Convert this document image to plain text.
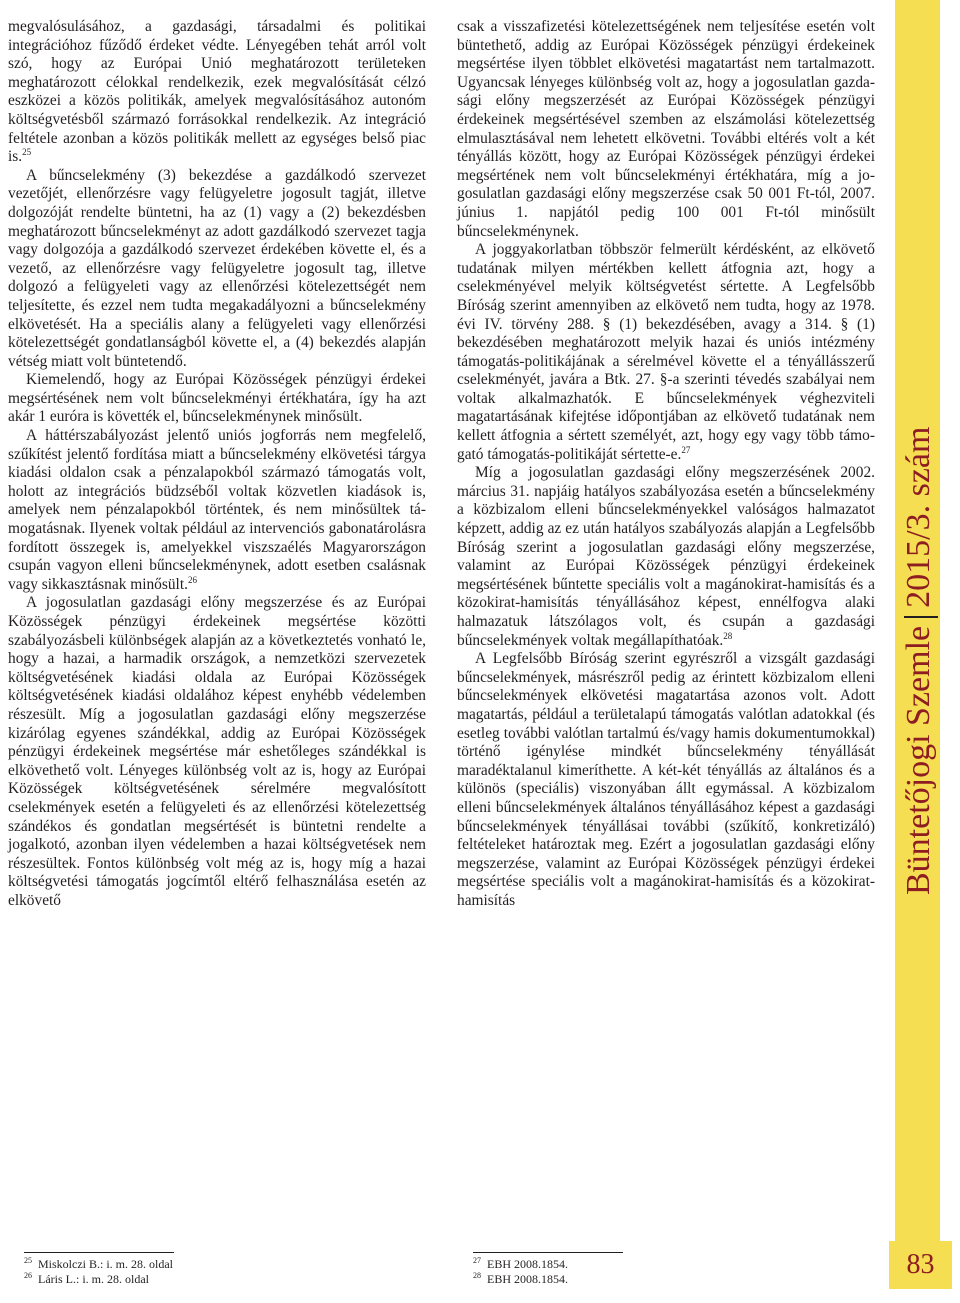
megvalósulásához, a gazdasági, társadalmi és politikai integrációhoz fűződő érdeket védte. Lényegében tehát arról volt szó, hogy az Európai Unió meghatározott területeken meghatározott célokkal rendelkezik, ezek megvalósítását célzó eszközei a közös politikák, amelyek megvalósításához autonóm költségvetésből származó forrásokkal rendelkezik. Az integráció feltétele azonban a közös politikák mellett az egységes belső piac is.$^{25}$

A bűncselekmény (3) bekezdése a gazdálkodó szervezet vezetőjét, ellenőrzésre vagy felügyeletre jogosult tagját, illetve dolgozóját rendelte büntetni, ha az (1) vagy a (2) bekezdésben meghatározott bűncselekményt az adott gazdálkodó szervezet tagja vagy dolgozója a gazdálkodó szervezet érdekében követte el, és a vezető, az ellenőrzésre vagy felügyeletre jogosult tag, illetve dolgozó a felügyeleti vagy az ellenőrzési kötelezettségét nem teljesítette, és ezzel nem tudta megakadályozni a bűncselekmény elkövetését. Ha a speciális alany a felügyeleti vagy ellenőrzési kötelezettségét gondatlanságból követte el, a (4) bekezdés alapján vétség miatt volt büntetendő.

Kiemelendő, hogy az Európai Közösségek pénzügyi érdekei megsértésének nem volt bűncselekményi értékhatára, így ha azt akár 1 euróra is követték el, bűncselekménynek minősült.

A háttérszabályozást jelentő uniós jogforrás nem megfelelő, szűkítést jelentő fordítása miatt a bűncselekmény elkövetési tárgya kiadási oldalon csak a pénzalapokból származó támogatás volt, holott az integrációs büdzséből voltak közvetlen kiadások is, amelyek nem pénzalapokból történtek, és nem minősültek támogatásnak. Ilyenek voltak például az intervenciós gabonatárolásra fordított összegek is, amelyekkel viszszaélés Magyarországon csupán vagyon elleni bűncselekménynek, adott esetben csalásnak vagy sikkasztásnak minősült.$^{26}$

A jogosulatlan gazdasági előny megszerzése és az Európai Közösségek pénzügyi érdekeinek megsértése közötti szabályozásbeli különbségek alapján az a következtetés vonható le, hogy a hazai, a harmadik országok, a nemzetközi szervezetek költségvetésének kiadási oldala az Európai Közösségek költségvetésének kiadási oldalához képest enyhébb védelemben részesült. Míg a jogosulatlan gazdasági előny megszerzése kizárólag egyenes szándékkal, addig az Európai Közösségek pénzügyi érdekeinek megsértése már eshetőleges szándékkal is elkövethető volt. Lényeges különbség volt az is, hogy az Európai Közösségek költségvetésének sérelmére megvalósított cselekmények esetén a felügyeleti és az ellenőrzési kötelezettség szándékos és gondatlan megsértését is büntetni rendelte a jogalkotó, azonban ilyen védelemben a hazai költségvetések nem részesültek. Fontos különbség volt még az is, hogy míg a hazai költségvetési támogatás jogcímtől eltérő felhasználása esetén az elkövető

csak a visszafizetési kötelezettségének nem teljesítése esetén volt büntethető, addig az Európai Közösségek pénzügyi érdekeinek megsértése ilyen többlet elkövetési magatartást nem tartalmazott. Ugyancsak lényeges különbség volt az, hogy a jogosulatlan gazdasági előny megszerzését az Európai Közösségek pénzügyi érdekeinek megsértésével szemben az elszámolási kötelezettség elmulasztásával nem lehetett elkövetni. További eltérés volt a két tényállás között, hogy az Európai Közösségek pénzügyi érdekei megsértének nem volt bűncselekményi értékhatára, míg a jogosulatlan gazdasági előny megszerzése csak 50 001 Ft-tól, 2007. június 1. napjától pedig 100 001 Ft-tól minősült bűncselekménynek.

A joggyakorlatban többször felmerült kérdésként, az elkövető tudatának milyen mértékben kellett átfognia azt, hogy a cselekményével melyik költségvetést sértette. A Legfelsőbb Bíróság szerint amennyiben az elkövető nem tudta, hogy az 1978. évi IV. törvény 288. § (1) bekezdésében, avagy a 314. § (1) bekezdésében meghatározott melyik hazai és uniós intézmény támogatás-politikájának a sérelmével követte el a tényállásszerű cselekményét, javára a Btk. 27. §-a szerinti tévedés szabályai nem voltak alkalmazhatók. E bűncselekmények véghezviteli magatartásának kifejtése időpontjában az elkövető tudatának nem kellett átfognia a sértett személyét, azt, hogy egy vagy több támogató támogatás-politikáját sértette-e.$^{27}$

Míg a jogosulatlan gazdasági előny megszerzésének 2002. március 31. napjáig hatályos szabályozása esetén a bűncselekmény a közbizalom elleni bűncselekményekkel valóságos halmazatot képzett, addig az ez után hatályos szabályozás alapján a Legfelsőbb Bíróság szerint a jogosulatlan gazdasági előny megszerzése, valamint az Európai Közösségek pénzügyi érdekeinek megsértésének bűntette speciális volt a magánokirat-hamisítás és a közokirat-hamisítás tényállásához képest, ennélfogva alaki halmazatuk látszólagos volt, és csupán a gazdasági bűncselekmények voltak megállapíthatóak.$^{28}$

A Legfelsőbb Bíróság szerint egyrészről a vizsgált gazdasági bűncselekmények, másrészről pedig az érintett közbizalom elleni bűncselekmények elkövetési magatartása azonos volt. Adott magatartás, például a területalapú támogatás valótlan adatokkal (és esetleg további valótlan tartalmú és/vagy hamis dokumentumokkal) történő igénylése mindkét bűncselekmény tényállását maradéktalanul kimeríthette. A két-két tényállás az általános és a különös (speciális) viszonyában állt egymással. A közbizalom elleni bűncselekmények általános tényállásához képest a gazdasági bűncselekmények tényállásai további (szűkítő, konkretizáló) feltételeket határoztak meg. Ezért a jogosulatlan gazdasági előny megszerzése, valamint az Európai Közösségek pénzügyi érdekei megsértése speciális volt a magánokirat-hamisítás és a közokirat-hamisítás

Büntetőjogi Szemle2015/3. szám
25 Miskolczi B.: i. m. 28. oldal
26 Láris L.: i. m. 28. oldal
27 EBH 2008.1854.
28 EBH 2008.1854.	83
